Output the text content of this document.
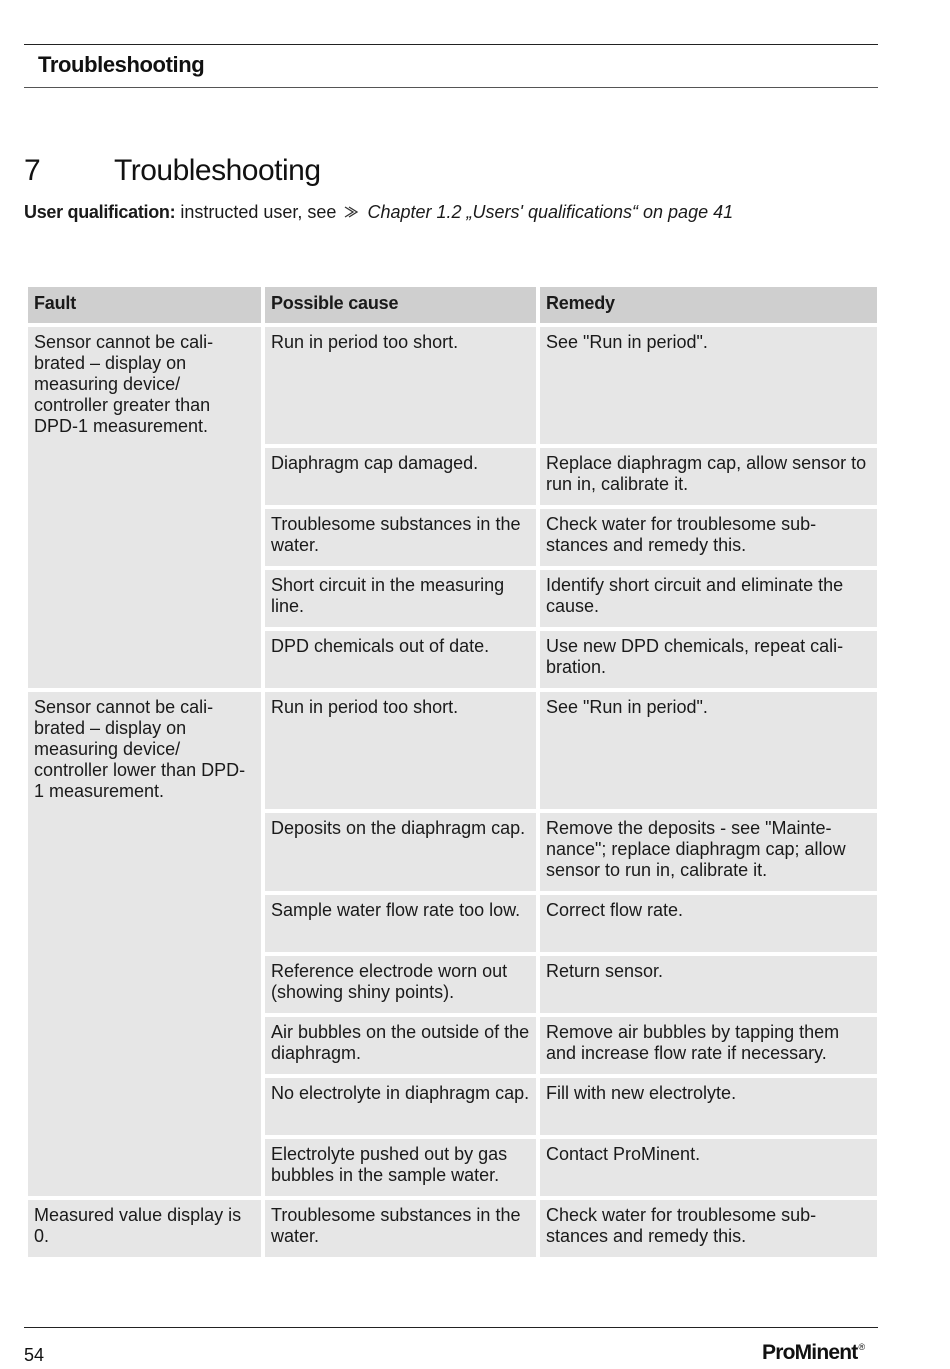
Troubleshooting
7 Troubleshooting
User qualification: instructed user, see Chapter 1.2 „Users' qualifications“ on page 41
Fault	Possible cause	Remedy
Sensor cannot be cali-brated – display on measuring device/ controller greater than DPD-1 measurement.	Run in period too short.	See "Run in period".
	Diaphragm cap damaged.	Replace diaphragm cap, allow sensor to run in, calibrate it.
	Troublesome substances in the water.	Check water for troublesome sub-stances and remedy this.
	Short circuit in the measuring line.	Identify short circuit and eliminate the cause.
	DPD chemicals out of date.	Use new DPD chemicals, repeat cali-bration.
Sensor cannot be cali-brated – display on measuring device/ controller lower than DPD-1 measurement.	Run in period too short.	See "Run in period".
	Deposits on the diaphragm cap.	Remove the deposits - see "Mainte-nance"; replace diaphragm cap; allow sensor to run in, calibrate it.
	Sample water flow rate too low.	Correct flow rate.
	Reference electrode worn out (showing shiny points).	Return sensor.
	Air bubbles on the outside of the diaphragm.	Remove air bubbles by tapping them and increase flow rate if necessary.
	No electrolyte in diaphragm cap.	Fill with new electrolyte.
	Electrolyte pushed out by gas bubbles in the sample water.	Contact ProMinent.
Measured value display is 0.	Troublesome substances in the water.	Check water for troublesome sub-stances and remedy this.
54	ProMinent®
